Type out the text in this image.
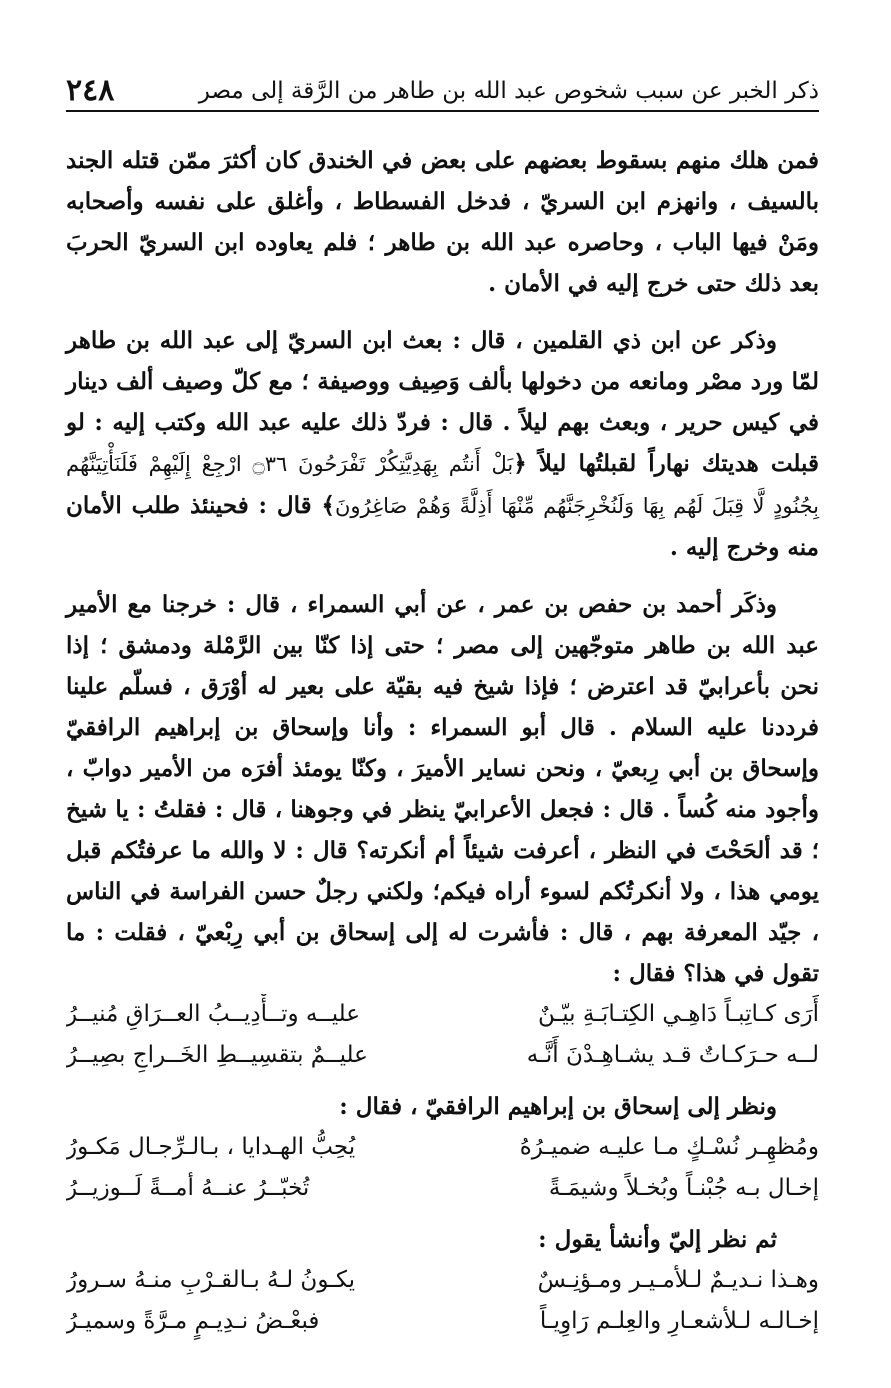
ذكر الخبر عن سبب شخوص عبد الله بن طاهر من الرَّقة إلى مصر
٢٤٨

فمن هلك منهم بسقوط بعضهم على بعض في الخندق كان أكثرَ ممّن قتله الجند بالسيف ، وانهزم ابن السريّ ، فدخل الفسطاط ، وأغلق على نفسه وأصحابه ومَنْ فيها الباب ، وحاصره عبد الله بن طاهر ؛ فلم يعاوده ابن السريّ الحربَ بعد ذلك حتى خرج إليه في الأمان .

وذكر عن ابن ذي القلمين ، قال : بعث ابن السريّ إلى عبد الله بن طاهر لمّا ورد مصْر ومانعه من دخولها بألف وَصِيف ووصيفة ؛ مع كلّ وصيف ألف دينار في كيس حرير ، وبعث بهم ليلاً . قال : فردّ ذلك عليه عبد الله وكتب إليه : لو قبلت هديتك نهاراً لقبلتُها ليلاً ﴿بَلْ أَنتُم بِهَدِيَّتِكُرْ تَفْرَحُونَ ۝٣٦ ارْجِعْ إِلَيْهِمْ فَلَنَأْتِيَنَّهُم بِجُنُودٍ لَّا قِبَلَ لَهُم بِهَا وَلَنُخْرِجَنَّهُم مِّنْهَا أَذِلَّةً وَهُمْ صَاغِرُونَ﴾ قال : فحينئذ طلب الأمان منه وخرج إليه .

وذكَر أحمد بن حفص بن عمر ، عن أبي السمراء ، قال : خرجنا مع الأمير عبد الله بن طاهر متوجّهين إلى مصر ؛ حتى إذا كنّا بين الرَّمْلة ودمشق ؛ إذا نحن بأعرابيّ قد اعترض ؛ فإذا شيخ فيه بقيّة على بعير له أوْرَق ، فسلّم علينا فرددنا عليه السلام . قال أبو السمراء : وأنا وإسحاق بن إبراهيم الرافقيّ وإسحاق بن أبي رِبعيّ ، ونحن نساير الأميرَ ، وكنّا يومئذ أفرَه من الأمير دوابّ ، وأجود منه كُساً . قال : فجعل الأعرابيّ ينظر في وجوهنا ، قال : فقلتُ : يا شيخ ؛ قد ألحَحْتَ في النظر ، أعرفت شيئاً أم أنكرته؟ قال : لا والله ما عرفتُكم قبل يومي هذا ، ولا أنكرتُكم لسوء أراه فيكم؛ ولكني رجلٌ حسن الفراسة في الناس ، جيّد المعرفة بهم ، قال : فأشرت له إلى إسحاق بن أبي رِبْعيّ ، فقلت : ما تقول في هذا؟ فقال :

أَرَى كـاتِبـاً دَاهِـي الكِتـابَـةِ بيّـنٌ
عليــه وتــأْدِيــبُ العــرَاقِ مُنيــرُ
لــه حـرَكـاتٌ قـد يشـاهِـدْنَ أَنَّـه
عليــمٌ بتقسِيــطِ الخَــراجِ بصِيــرُ

ونظر إلى إسحاق بن إبراهيم الرافقيّ ، فقال :

ومُظهِـر نُسْـكٍ مـا عليـه ضميـرُهُ
يُحِبُّ الهـدايا ، بـالـرِّجـال مَكـورُ
إخـال بـه جُبْنـاً وبُخـلاً وشيمَـةً
تُخبّــرُ عنــهُ أمــةً لَــوزيــرُ

ثم نظر إليّ وأنشأ يقول :

وهـذا نـديـمٌ لـلأمـيـر ومـؤنِـسٌ
يكـونُ لـهُ بـالقـرْبِ منـهُ سـرورُ
إخـالـه لـلأشعـارِ والعِلـم رَاوِيـاً
فبعْـضُ نـدِيـمٍ مـرَّةً وسميـرُ
